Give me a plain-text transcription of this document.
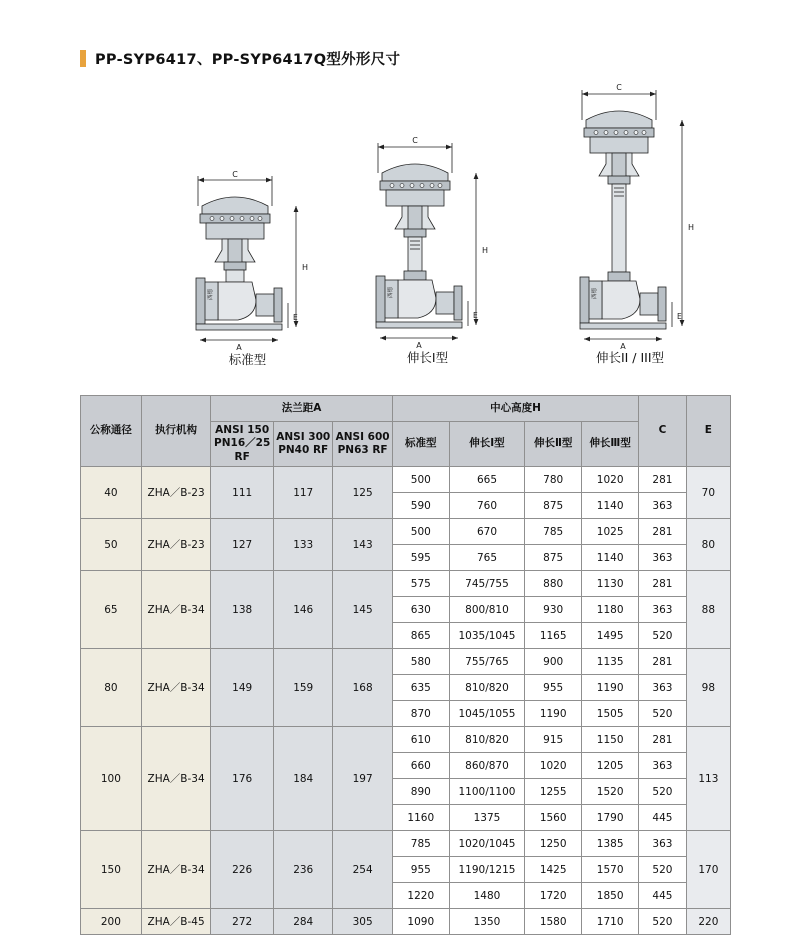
PP-SYP6417、PP-SYP6417Q型外形尺寸
C
H
E
A
西德
标准型
C
H
E
A
西德
伸长I型
C
H
E
A
西德
伸长II / III型
公称通径	执行机构	法兰距A			中心高度H				C	E
		ANSI 150 PN16／25 RF	ANSI 300 PN40 RF	ANSI 600 PN63 RF	标准型	伸长Ⅰ型	伸长Ⅱ型	伸长Ⅲ型		
40	ZHA／B-23	111	117	125	500	665	780	1020	281	70
					590	760	875	1140	363	
50	ZHA／B-23	127	133	143	500	670	785	1025	281	80
					595	765	875	1140	363	
65	ZHA／B-34	138	146	145	575	745/755	880	1130	281	88
					630	800/810	930	1180	363	
					865	1035/1045	1165	1495	520	
80	ZHA／B-34	149	159	168	580	755/765	900	1135	281	98
					635	810/820	955	1190	363	
					870	1045/1055	1190	1505	520	
100	ZHA／B-34	176	184	197	610	810/820	915	1150	281	113
					660	860/870	1020	1205	363	
					890	1100/1100	1255	1520	520	
					1160	1375	1560	1790	445	
150	ZHA／B-34	226	236	254	785	1020/1045	1250	1385	363	170
					955	1190/1215	1425	1570	520	
					1220	1480	1720	1850	445	
200	ZHA／B-45	272	284	305	1090	1350	1580	1710	520	220
